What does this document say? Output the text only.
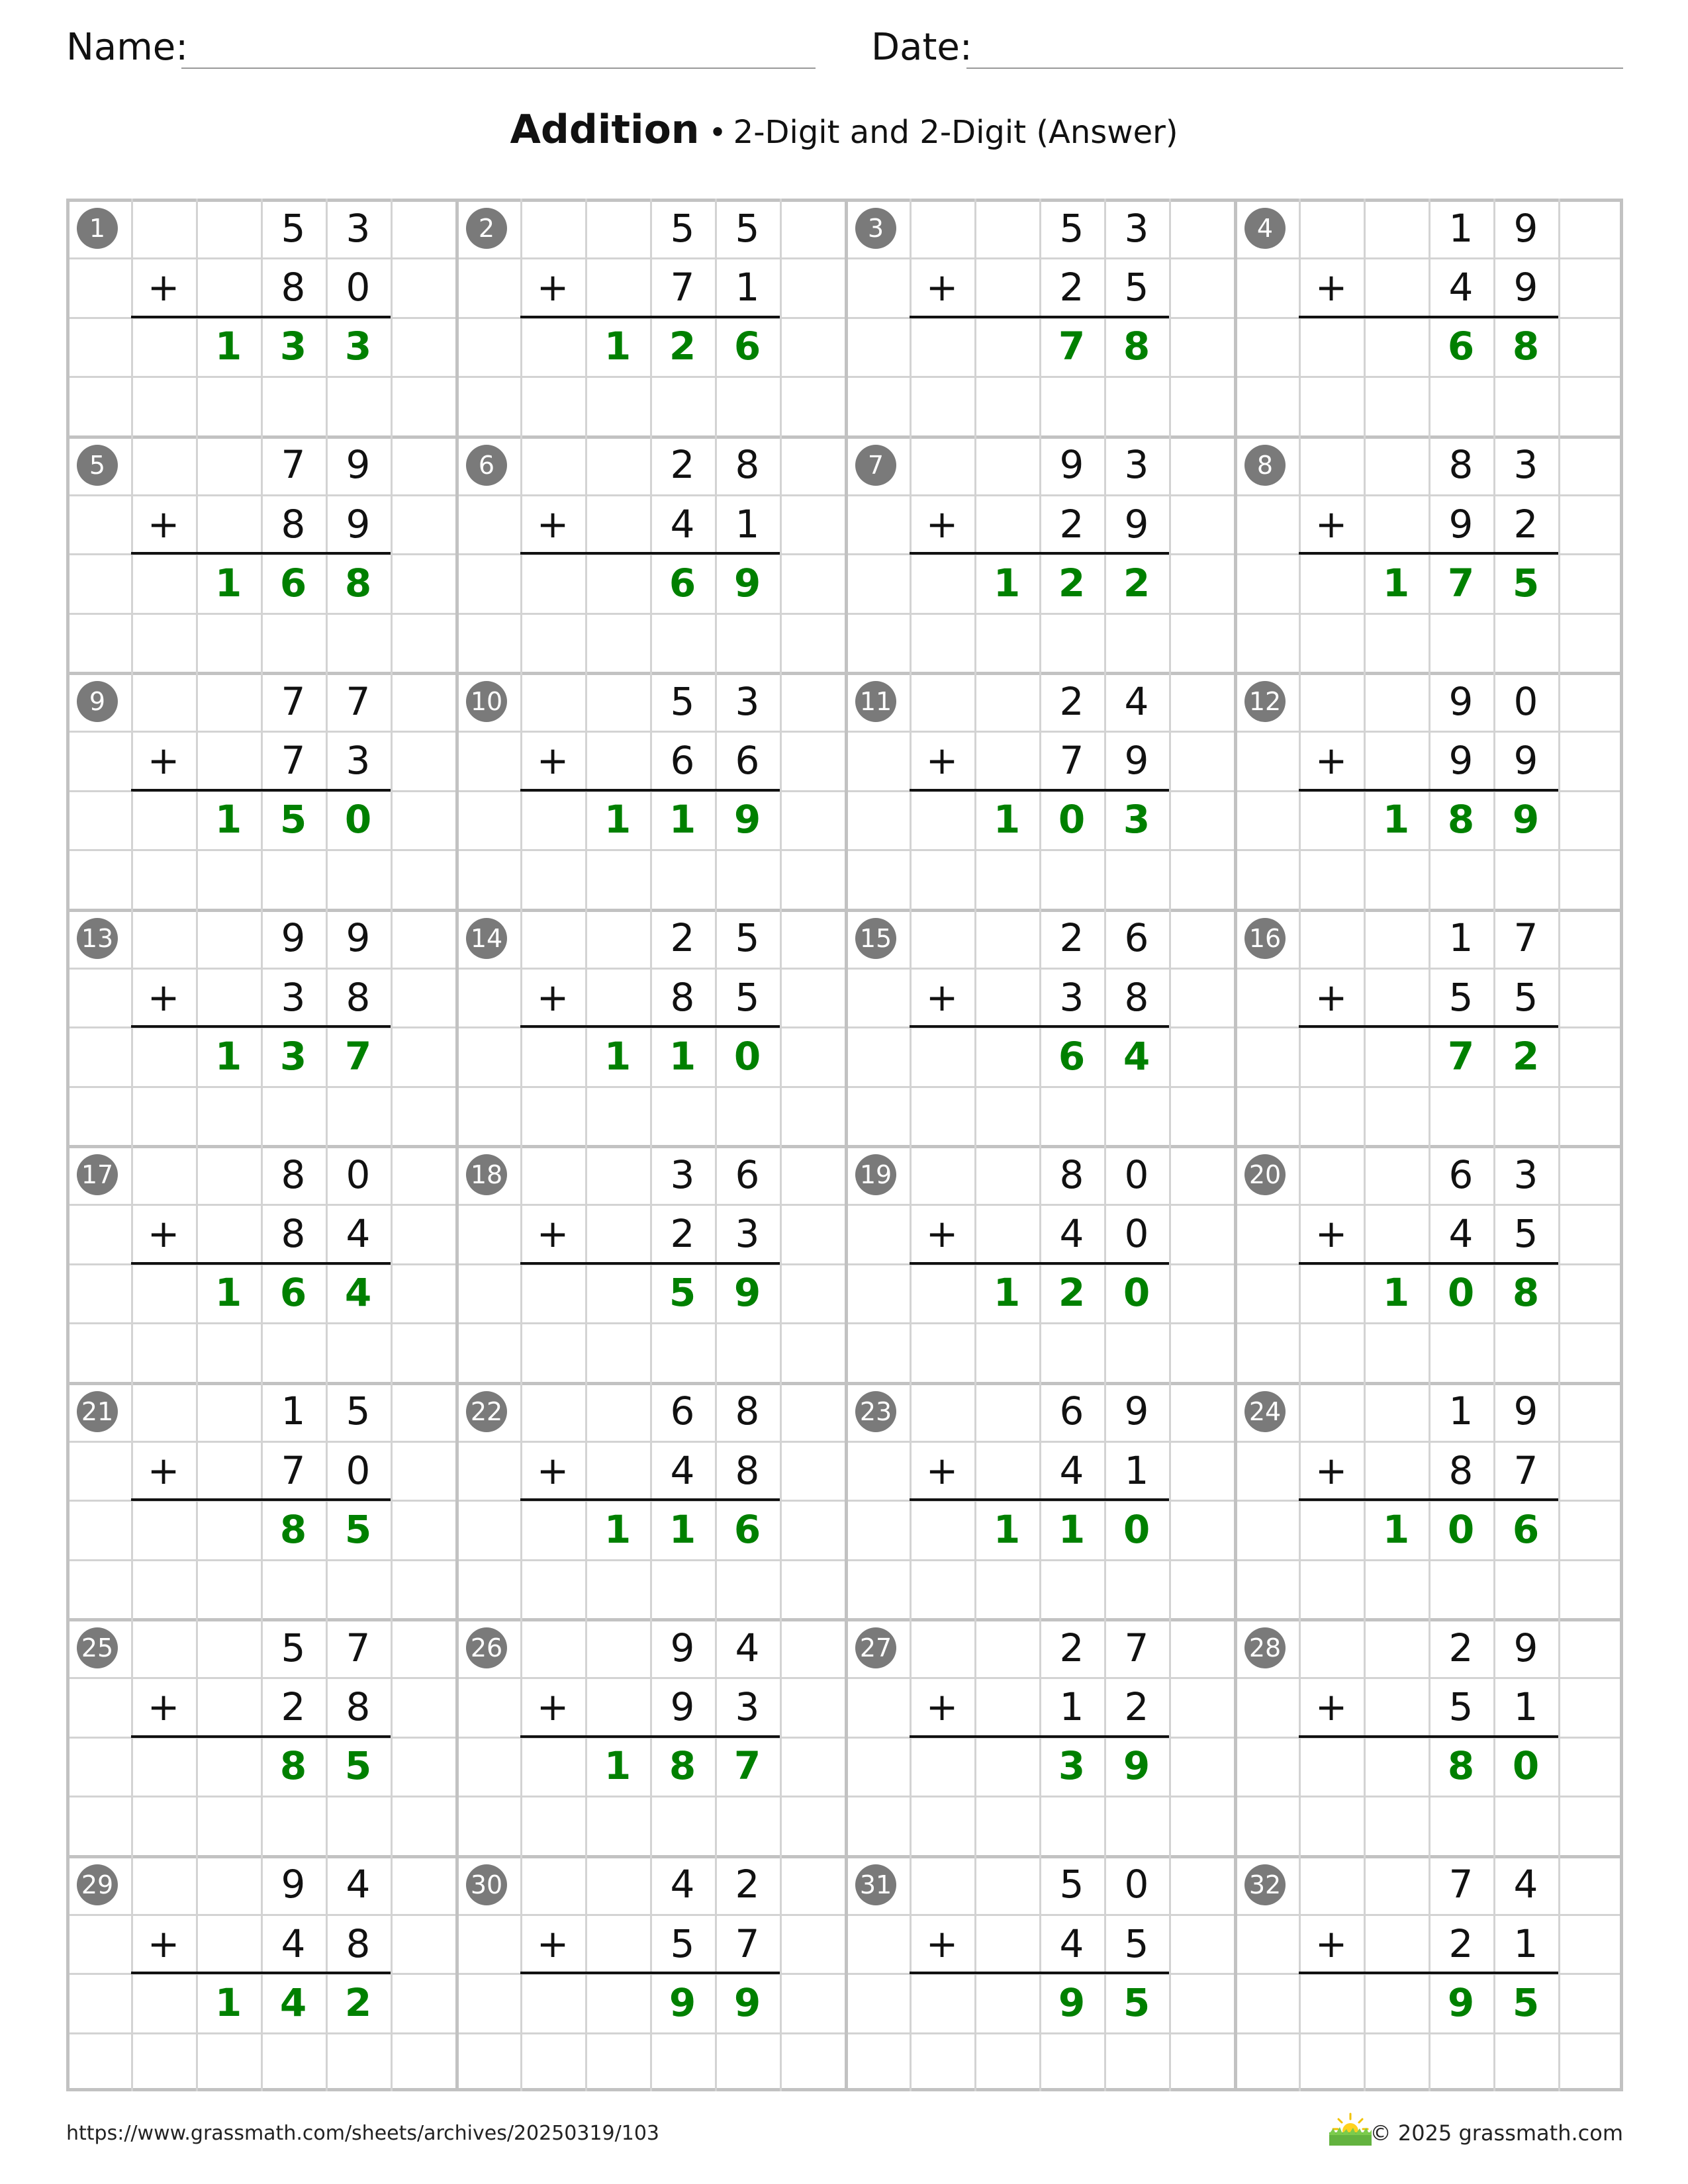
Name:	Date:
Addition • 2-Digit and 2-Digit (Answer)
1	5	3
+	8	0
1 3 3
2	5	5
+	7	1
1 2 6
3	5	3
+	2	5
7 8
4	1	9
+	4	9
6 8
5	7	9
+	8	9
1 6 8
6	2	8
+	4	1
6 9
7	9	3
+	2	9
1 2 2
8	8	3
+	9	2
1 7 5
9	7	7
+	7	3
1 5 0
10	5	3
+	6	6
1 1 9
11	2	4
+	7	9
1 0 3
12	9	0
+	9	9
1 8 9
13	9	9
+	3	8
1 3 7
14	2	5
+	8	5
1 1 0
15	2	6
+	3	8
6 4
16	1	7
+	5	5
7 2
17	8	0
+	8	4
1 6 4
18	3	6
+	2	3
5 9
19	8	0
+	4	0
1 2 0
20	6	3
+	4	5
1 0 8
21	1	5
+	7	0
8 5
22	6	8
+	4	8
1 1 6
23	6	9
+	4	1
1 1 0
24	1	9
+	8	7
1 0 6
25	5	7
+	2	8
8 5
26	9	4
+	9	3
1 8 7
27	2	7
+	1	2
3 9
28	2	9
+	5	1
8 0
29	9	4
+	4	8
1 4 2
30	4	2
+	5	7
9 9
31	5	0
+	4	5
9 5
32	7	4
+	2	1
9 5
https://www.grassmath.com/sheets/archives/20250319/103	© 2025 grassmath.com
